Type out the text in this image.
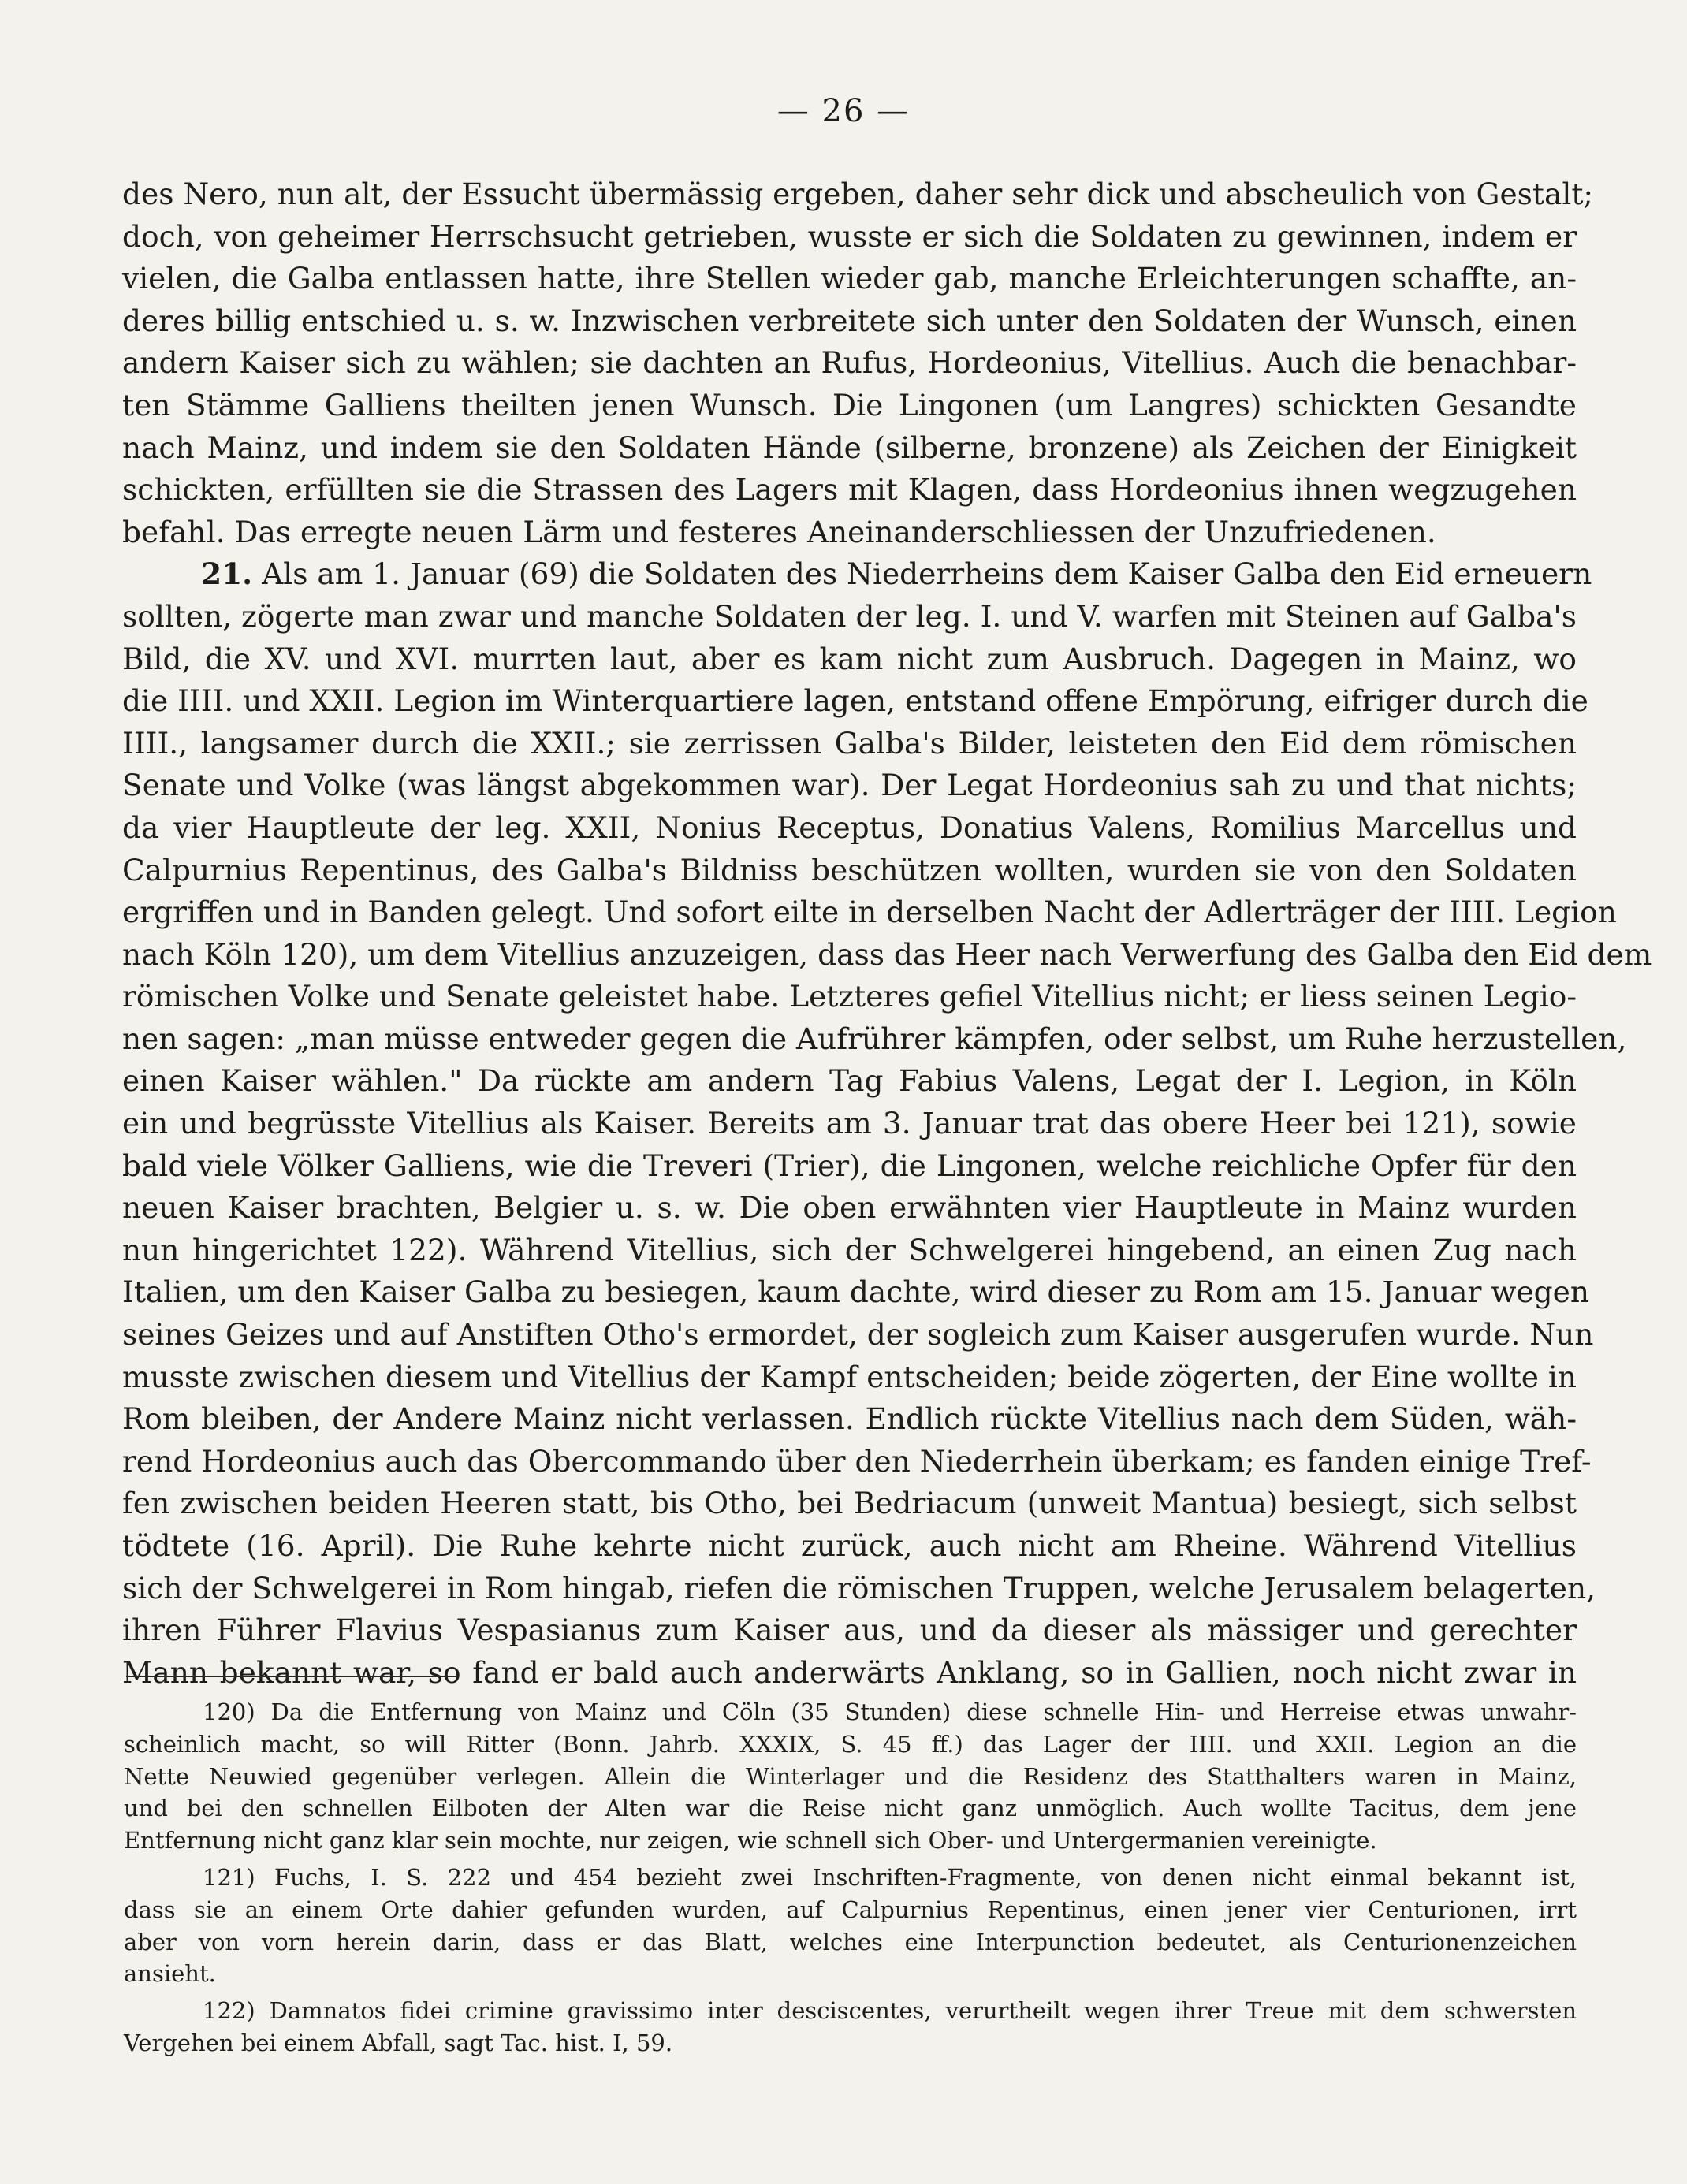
— 26 —
des Nero, nun alt, der Essucht übermässig ergeben, daher sehr dick und abscheulich von Gestalt;
doch, von geheimer Herrschsucht getrieben, wusste er sich die Soldaten zu gewinnen, indem er
vielen, die Galba entlassen hatte, ihre Stellen wieder gab, manche Erleichterungen schaffte, an-
deres billig entschied u. s. w. Inzwischen verbreitete sich unter den Soldaten der Wunsch, einen
andern Kaiser sich zu wählen; sie dachten an Rufus, Hordeonius, Vitellius. Auch die benachbar-
ten Stämme Galliens theilten jenen Wunsch. Die Lingonen (um Langres) schickten Gesandte
nach Mainz, und indem sie den Soldaten Hände (silberne, bronzene) als Zeichen der Einigkeit
schickten, erfüllten sie die Strassen des Lagers mit Klagen, dass Hordeonius ihnen wegzugehen
befahl. Das erregte neuen Lärm und festeres Aneinanderschliessen der Unzufriedenen.
21. Als am 1. Januar (69) die Soldaten des Niederrheins dem Kaiser Galba den Eid erneuern
sollten, zögerte man zwar und manche Soldaten der leg. I. und V. warfen mit Steinen auf Galba's
Bild, die XV. und XVI. murrten laut, aber es kam nicht zum Ausbruch. Dagegen in Mainz, wo
die IIII. und XXII. Legion im Winterquartiere lagen, entstand offene Empörung, eifriger durch die
IIII., langsamer durch die XXII.; sie zerrissen Galba's Bilder, leisteten den Eid dem römischen
Senate und Volke (was längst abgekommen war). Der Legat Hordeonius sah zu und that nichts;
da vier Hauptleute der leg. XXII, Nonius Receptus, Donatius Valens, Romilius Marcellus und
Calpurnius Repentinus, des Galba's Bildniss beschützen wollten, wurden sie von den Soldaten
ergriffen und in Banden gelegt. Und sofort eilte in derselben Nacht der Adlerträger der IIII. Legion
nach Köln 120), um dem Vitellius anzuzeigen, dass das Heer nach Verwerfung des Galba den Eid dem
römischen Volke und Senate geleistet habe. Letzteres gefiel Vitellius nicht; er liess seinen Legio-
nen sagen: „man müsse entweder gegen die Aufrührer kämpfen, oder selbst, um Ruhe herzustellen,
einen Kaiser wählen." Da rückte am andern Tag Fabius Valens, Legat der I. Legion, in Köln
ein und begrüsste Vitellius als Kaiser. Bereits am 3. Januar trat das obere Heer bei 121), sowie
bald viele Völker Galliens, wie die Treveri (Trier), die Lingonen, welche reichliche Opfer für den
neuen Kaiser brachten, Belgier u. s. w. Die oben erwähnten vier Hauptleute in Mainz wurden
nun hingerichtet 122). Während Vitellius, sich der Schwelgerei hingebend, an einen Zug nach
Italien, um den Kaiser Galba zu besiegen, kaum dachte, wird dieser zu Rom am 15. Januar wegen
seines Geizes und auf Anstiften Otho's ermordet, der sogleich zum Kaiser ausgerufen wurde. Nun
musste zwischen diesem und Vitellius der Kampf entscheiden; beide zögerten, der Eine wollte in
Rom bleiben, der Andere Mainz nicht verlassen. Endlich rückte Vitellius nach dem Süden, wäh-
rend Hordeonius auch das Obercommando über den Niederrhein überkam; es fanden einige Tref-
fen zwischen beiden Heeren statt, bis Otho, bei Bedriacum (unweit Mantua) besiegt, sich selbst
tödtete (16. April). Die Ruhe kehrte nicht zurück, auch nicht am Rheine. Während Vitellius
sich der Schwelgerei in Rom hingab, riefen die römischen Truppen, welche Jerusalem belagerten,
ihren Führer Flavius Vespasianus zum Kaiser aus, und da dieser als mässiger und gerechter
Mann bekannt war, so fand er bald auch anderwärts Anklang, so in Gallien, noch nicht zwar in
120) Da die Entfernung von Mainz und Cöln (35 Stunden) diese schnelle Hin- und Herreise etwas unwahr-
scheinlich macht, so will Ritter (Bonn. Jahrb. XXXIX, S. 45 ff.) das Lager der IIII. und XXII. Legion an die
Nette Neuwied gegenüber verlegen. Allein die Winterlager und die Residenz des Statthalters waren in Mainz,
und bei den schnellen Eilboten der Alten war die Reise nicht ganz unmöglich. Auch wollte Tacitus, dem jene
Entfernung nicht ganz klar sein mochte, nur zeigen, wie schnell sich Ober- und Untergermanien vereinigte.
121) Fuchs, I. S. 222 und 454 bezieht zwei Inschriften-Fragmente, von denen nicht einmal bekannt ist,
dass sie an einem Orte dahier gefunden wurden, auf Calpurnius Repentinus, einen jener vier Centurionen, irrt
aber von vorn herein darin, dass er das Blatt, welches eine Interpunction bedeutet, als Centurionenzeichen
ansieht.
122) Damnatos fidei crimine gravissimo inter desciscentes, verurtheilt wegen ihrer Treue mit dem schwersten
Vergehen bei einem Abfall, sagt Tac. hist. I, 59.
